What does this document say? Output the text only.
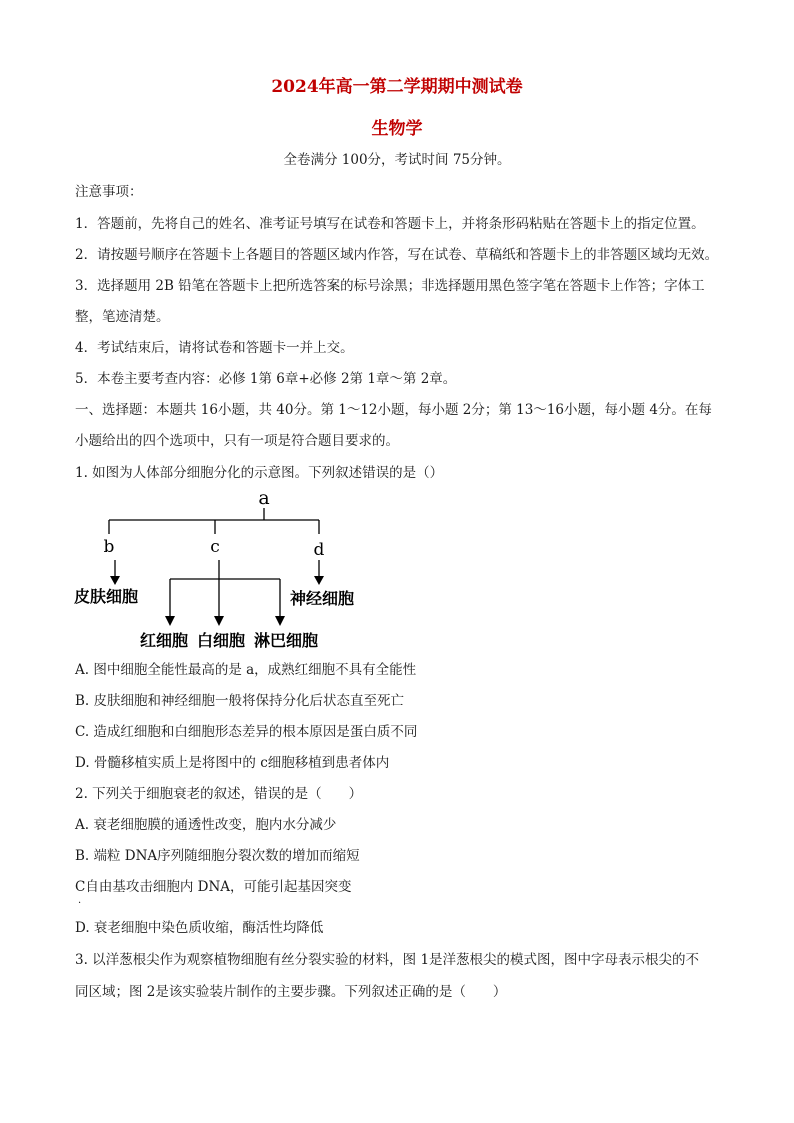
2024年高一第二学期期中测试卷
生物学
全卷满分 100分，考试时间 75分钟。
注意事项：
1．答题前，先将自己的姓名、准考证号填写在试卷和答题卡上，并将条形码粘贴在答题卡上的指定位置。
2．请按题号顺序在答题卡上各题目的答题区域内作答，写在试卷、草稿纸和答题卡上的非答题区域均无效。
3．选择题用 2B 铅笔在答题卡上把所选答案的标号涂黑；非选择题用黑色签字笔在答题卡上作答；字体工
整，笔迹清楚。
4．考试结束后，请将试卷和答题卡一并上交。
5．本卷主要考查内容：必修 1第 6章+必修 2第 1章～第 2章。
一、选择题：本题共 16小题，共 40分。第 1～12小题，每小题 2分；第 13～16小题，每小题 4分。在每
小题给出的四个选项中，只有一项是符合题目要求的。
1. 如图为人体部分细胞分化的示意图。下列叙述错误的是（）
a
b	c	d
皮肤细胞	神经细胞
红细胞 白细胞 淋巴细胞
A. 图中细胞全能性最高的是 a，成熟红细胞不具有全能性
B. 皮肤细胞和神经细胞一般将保持分化后状态直至死亡
C. 造成红细胞和白细胞形态差异的根本原因是蛋白质不同
D. 骨髓移植实质上是将图中的 c细胞移植到患者体内
2. 下列关于细胞衰老的叙述，错误的是（　　）
A. 衰老细胞膜的通透性改变，胞内水分减少
B. 端粒 DNA序列随细胞分裂次数的增加而缩短
C自由基攻击细胞内 DNA，可能引起基因突变
·
D. 衰老细胞中染色质收缩，酶活性均降低
3. 以洋葱根尖作为观察植物细胞有丝分裂实验的材料，图 1是洋葱根尖的模式图，图中字母表示根尖的不
同区域；图 2是该实验装片制作的主要步骤。下列叙述正确的是（　　）
